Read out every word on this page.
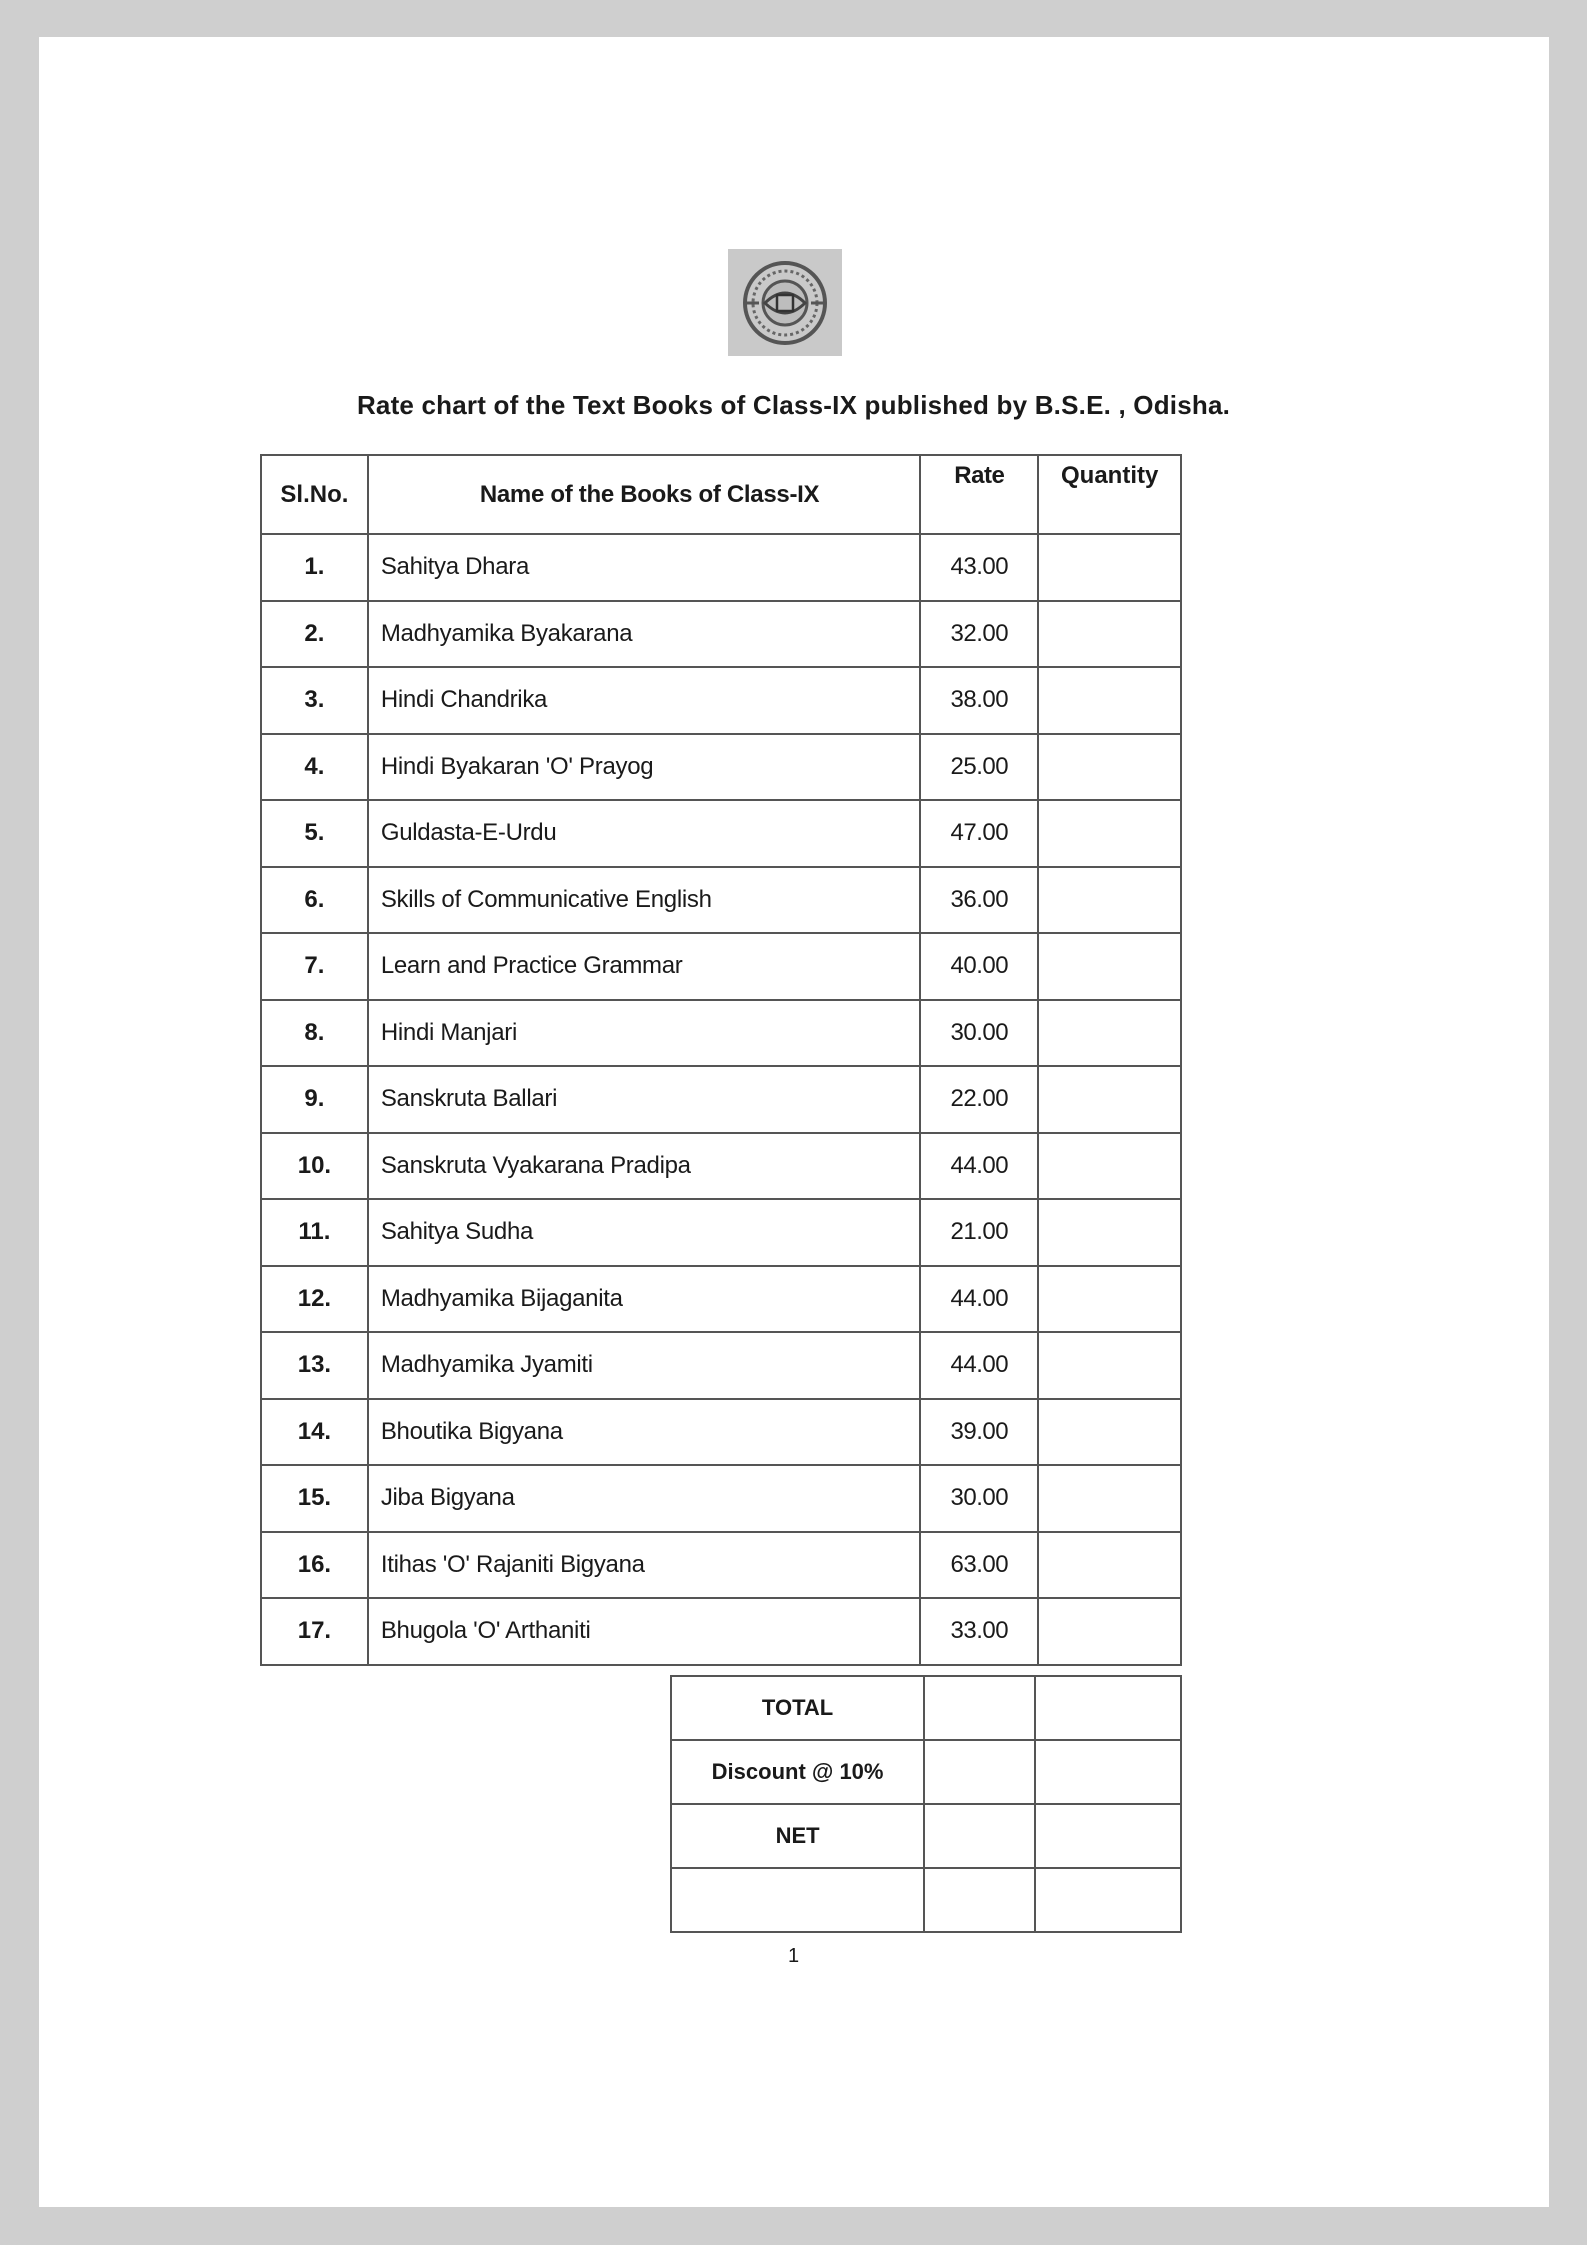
Rate chart of the Text Books of Class-IX published by B.S.E. , Odisha.
Sl.No.	Name of the Books of Class-IX	Rate	Quantity
1.	Sahitya Dhara	43.00	
2.	Madhyamika Byakarana	32.00	
3.	Hindi Chandrika	38.00	
4.	Hindi Byakaran 'O' Prayog	25.00	
5.	Guldasta-E-Urdu	47.00	
6.	Skills of Communicative English	36.00	
7.	Learn and Practice Grammar	40.00	
8.	Hindi Manjari	30.00	
9.	Sanskruta Ballari	22.00	
10.	Sanskruta Vyakarana Pradipa	44.00	
11.	Sahitya Sudha	21.00	
12.	Madhyamika Bijaganita	44.00	
13.	Madhyamika Jyamiti	44.00	
14.	Bhoutika Bigyana	39.00	
15.	Jiba Bigyana	30.00	
16.	Itihas 'O' Rajaniti Bigyana	63.00	
17.	Bhugola 'O' Arthaniti	33.00	
TOTAL		
Discount @ 10%		
NET		

1
